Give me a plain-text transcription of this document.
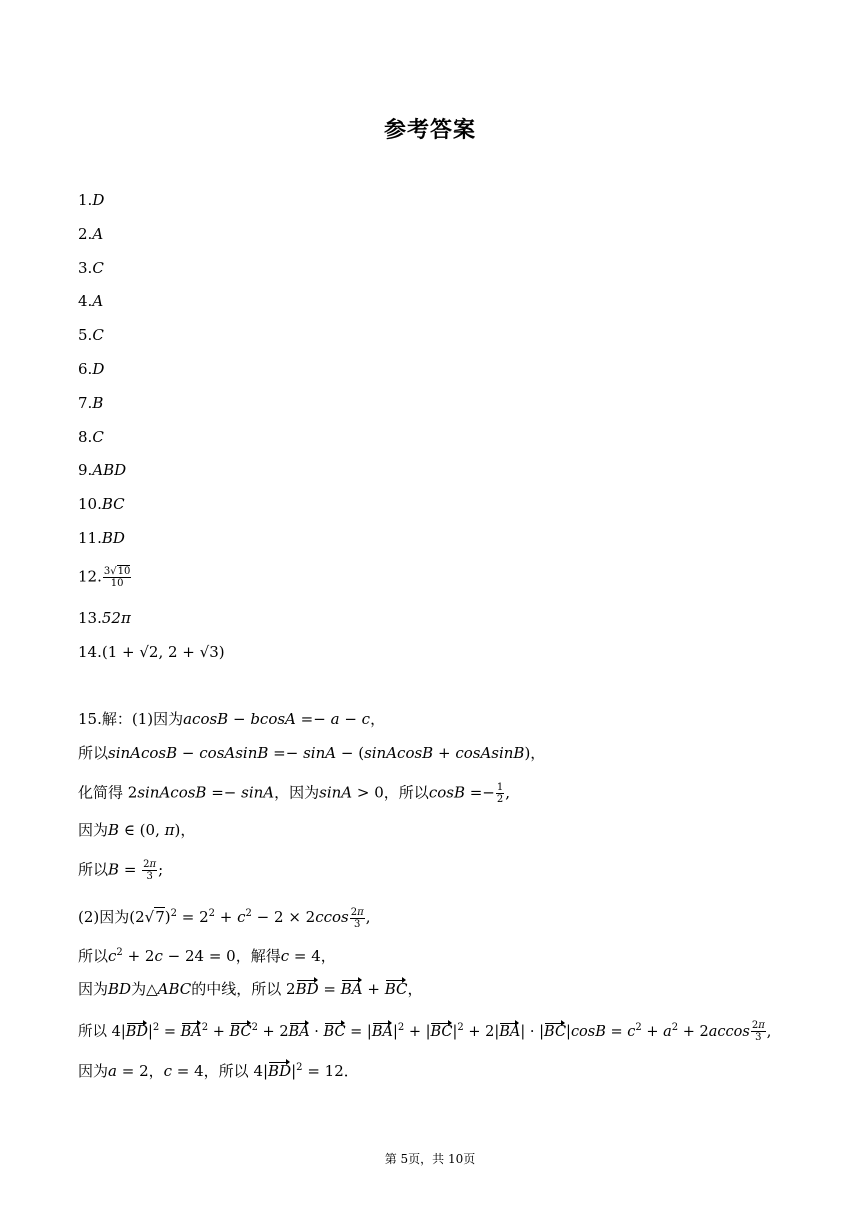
参考答案
1.D
2.A
3.C
4.A
5.C
6.D
7.B
8.C
9.ABD
10.BC
11.BD
12. $\frac{3√10}{10}$
13.52π
14.(1 + √2, 2 + √3)
15.解：(1)因为acosB − bcosA =− a − c，
所以sinAcosB − cosAsinB =− sinA − (sinAcosB + cosAsinB)，
化简得 2sinAcosB =− sinA，因为sinA > 0，所以$\cos B =- \frac{1}{2}$ ,
因为B ∈ (0, π)，
所以$B = \frac{2\pi}{3}$ ;
(2)因为$(2√7)^2 = 2^2 + c^2 - 2 \times 2ccos \frac{2\pi}{3}$ ,
所以$c^2 + 2c - 24 = 0$，解得c = 4，
因为BD为△ABC的中线，所以 2BD = BA + BC，
所以 $4|BD|^2 = BA^2 + BC^2 + 2BA$ · BC = $|BA|^2 + |BC|^2 + 2|BA| \cdot |BC|\cos B = c^2 + a^2 + 2accos \frac{2\pi}{3}$ ,
因为a = 2，c = 4，所以 $4|BD|^2 = 12$．
第 5页，共 10页
